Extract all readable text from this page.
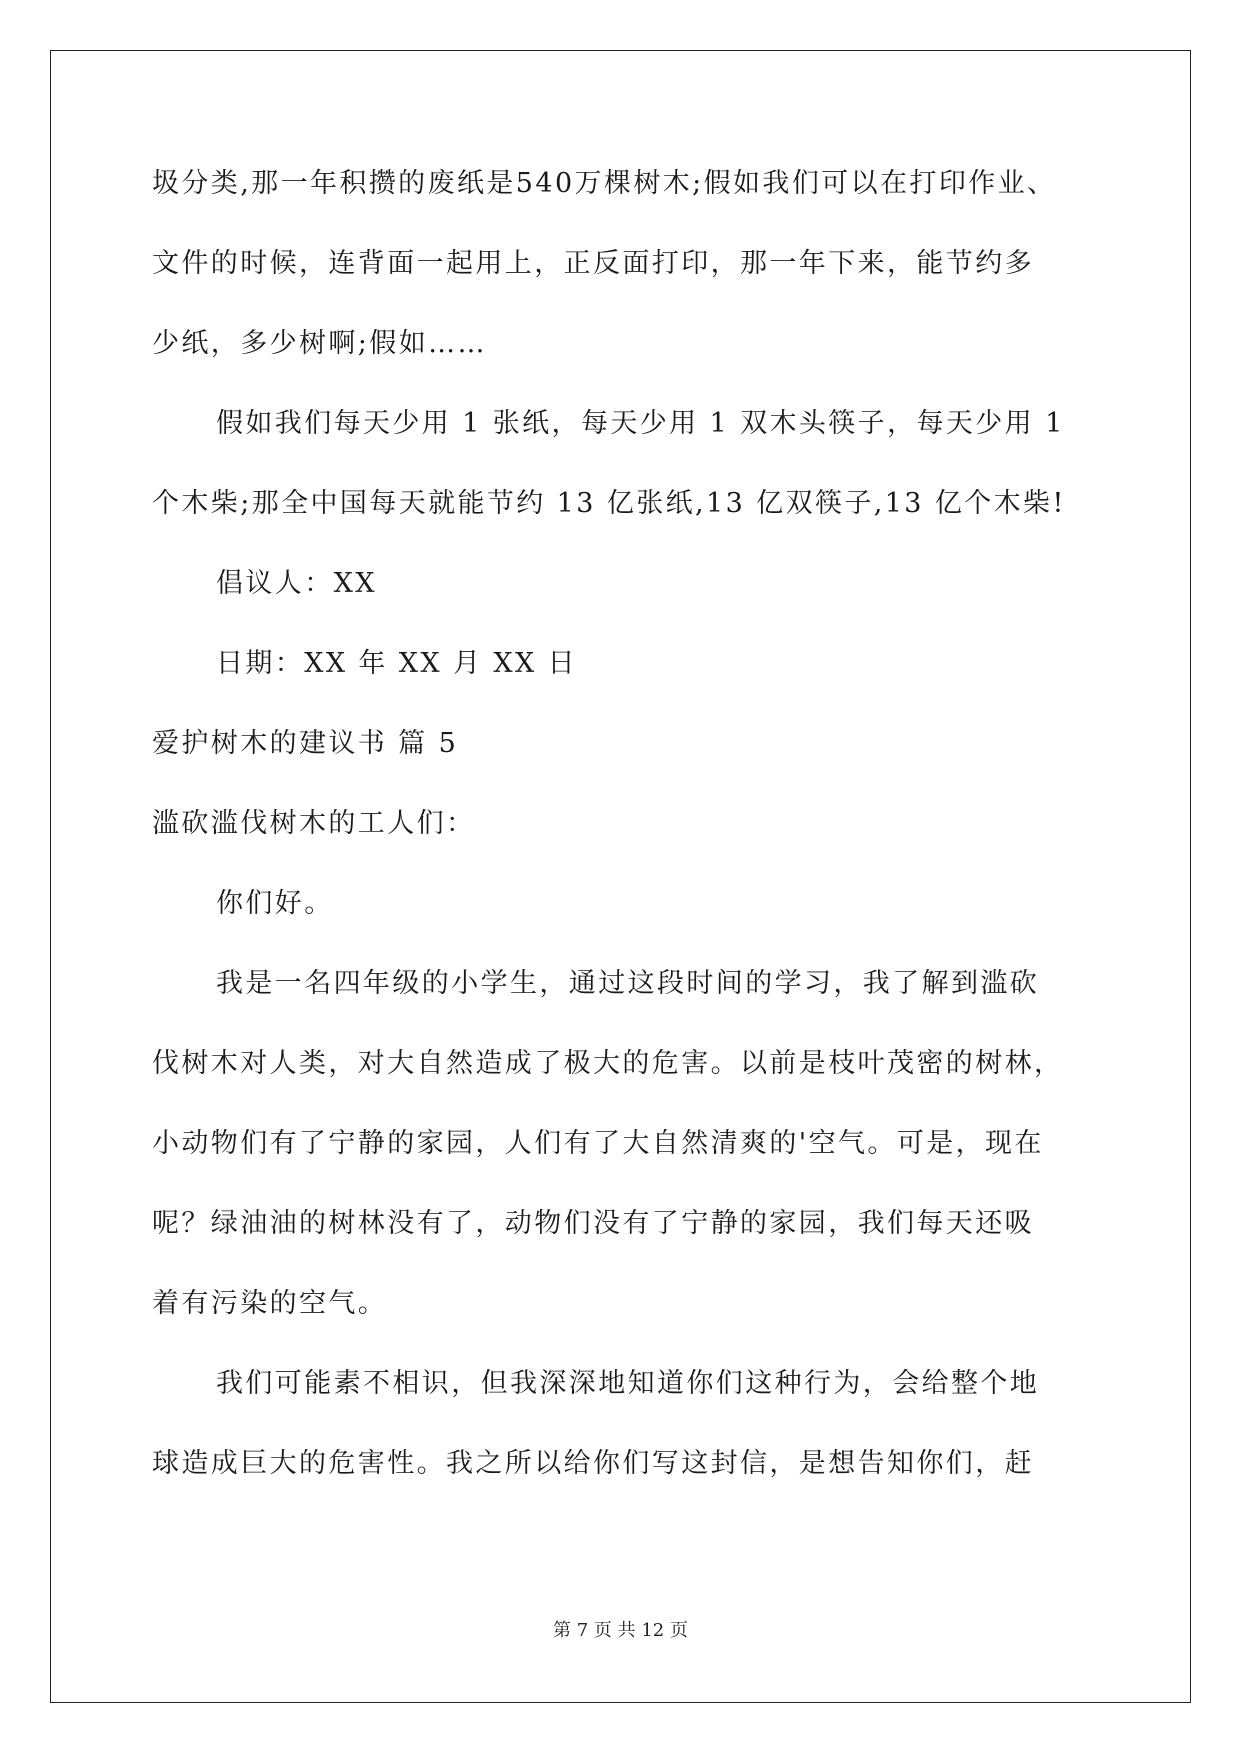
圾分类,那一年积攒的废纸是540万棵树木;假如我们可以在打印作业、

文件的时候，连背面一起用上，正反面打印，那一年下来，能节约多

少纸，多少树啊;假如……

假如我们每天少用 1 张纸，每天少用 1 双木头筷子，每天少用 1

个木柴;那全中国每天就能节约 13 亿张纸,13 亿双筷子,13 亿个木柴!

倡议人：XX

日期：XX 年 XX 月 XX 日

爱护树木的建议书 篇 5

滥砍滥伐树木的工人们：

你们好。

我是一名四年级的小学生，通过这段时间的学习，我了解到滥砍

伐树木对人类，对大自然造成了极大的危害。以前是枝叶茂密的树林，

小动物们有了宁静的家园，人们有了大自然清爽的'空气。可是，现在

呢？绿油油的树林没有了，动物们没有了宁静的家园，我们每天还吸

着有污染的空气。

我们可能素不相识，但我深深地知道你们这种行为，会给整个地

球造成巨大的危害性。我之所以给你们写这封信，是想告知你们，赶

第 7 页 共 12 页
